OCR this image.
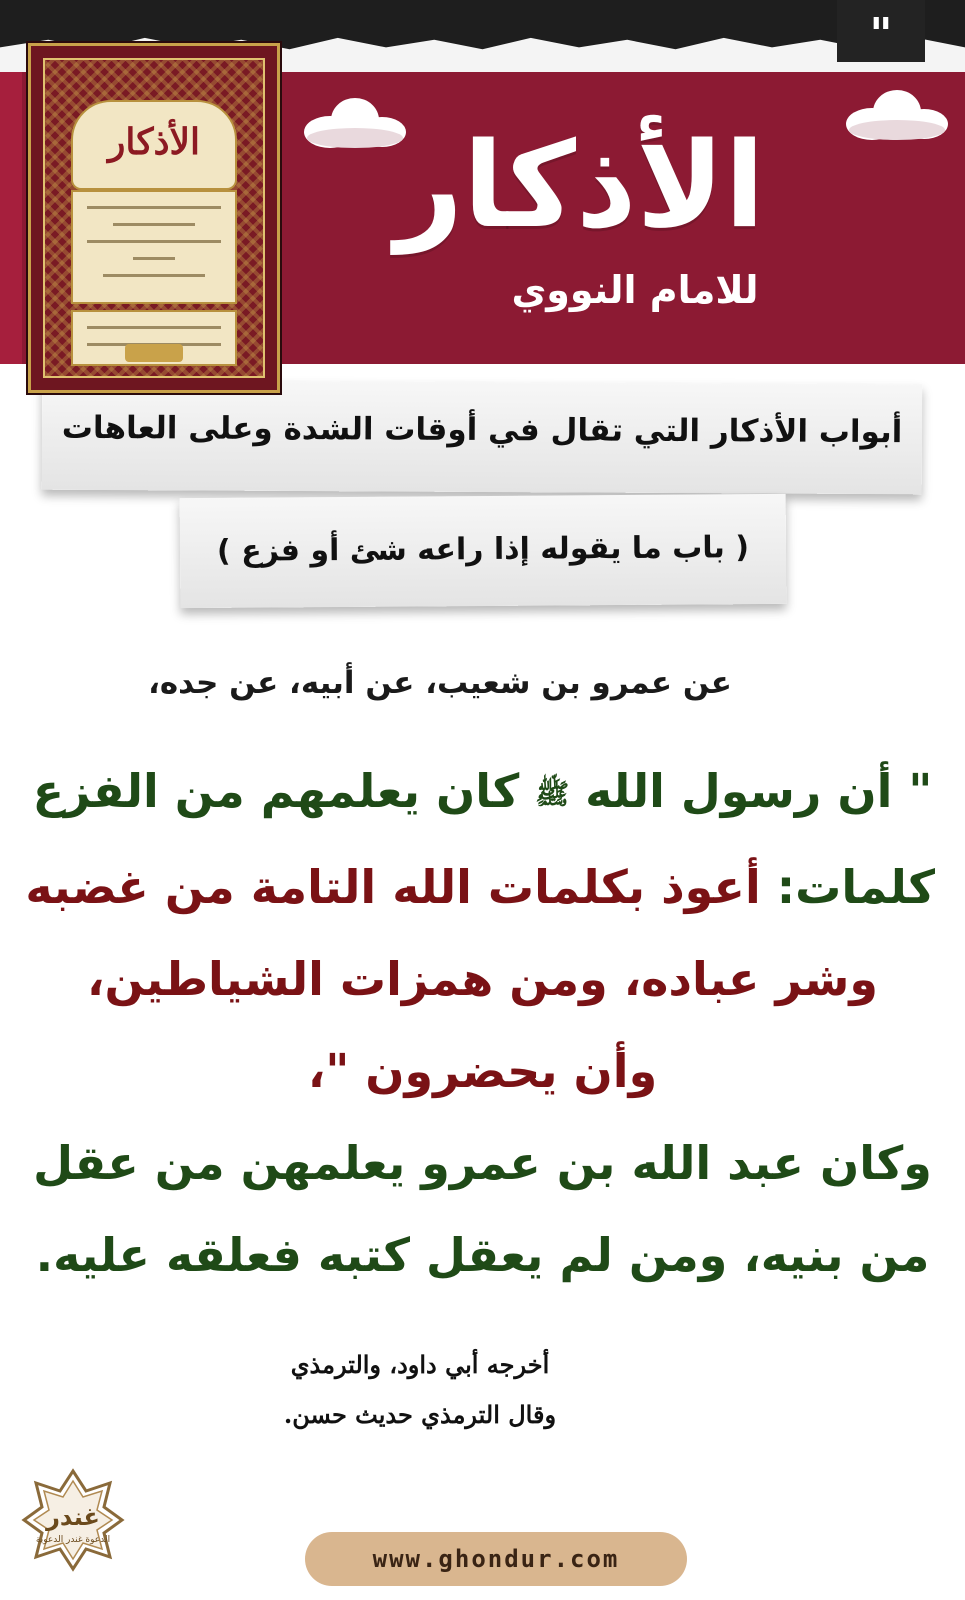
"
الأذكار	الأذكار
للامام النووي
أبواب الأذكار التي تقال في أوقات الشدة وعلى العاهات
( باب ما يقوله إذا راعه شئ أو فزع )
عن عمرو بن شعيب، عن أبيه، عن جده،
" أن رسول الله ﷺ كان يعلمهم من الفزع
كلمات: أعوذ بكلمات الله التامة من غضبه
وشر عباده، ومن همزات الشياطين،
وأن يحضرون "،
وكان عبد الله بن عمرو يعلمهن من عقل
من بنيه، ومن لم يعقل كتبه فعلقه عليه.
أخرجه أبي داود، والترمذي
وقال الترمذي حديث حسن.
غندر
الدعوة غندر الدعوية
www.ghondur.com
